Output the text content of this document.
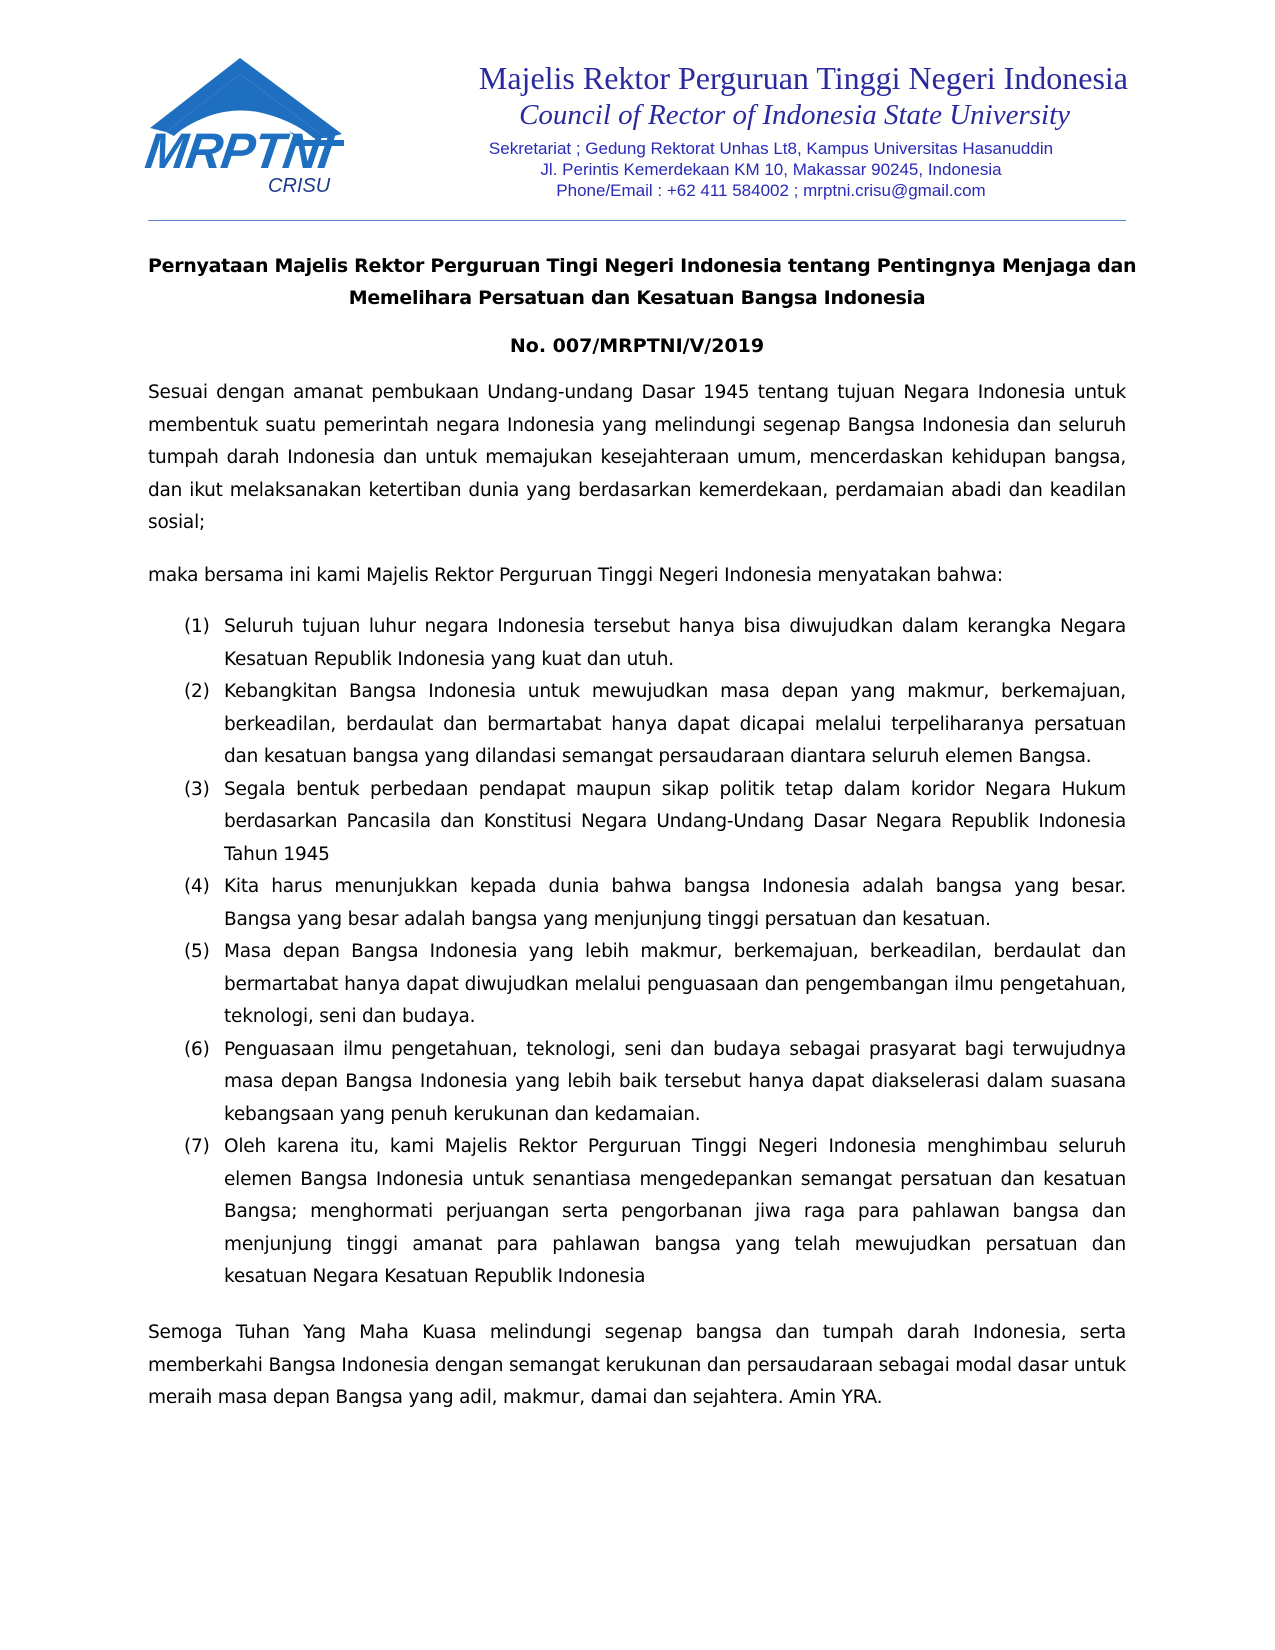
MRPTNI
CRISU
Majelis Rektor Perguruan Tinggi Negeri Indonesia
Council of Rector of Indonesia State University
Sekretariat ; Gedung Rektorat Unhas Lt8, Kampus Universitas Hasanuddin
Jl. Perintis Kemerdekaan KM 10, Makassar 90245, Indonesia
Phone/Email : +62 411 584002 ; mrptni.crisu@gmail.com
Pernyataan Majelis Rektor Perguruan Tingi Negeri Indonesia tentang Pentingnya Menjaga dan
Memelihara Persatuan dan Kesatuan Bangsa Indonesia
No. 007/MRPTNI/V/2019
Sesuai dengan amanat pembukaan Undang-undang Dasar 1945 tentang tujuan Negara Indonesia untuk membentuk suatu pemerintah negara Indonesia yang melindungi segenap Bangsa Indonesia dan seluruh tumpah darah Indonesia dan untuk memajukan kesejahteraan umum, mencerdaskan kehidupan bangsa, dan ikut melaksanakan ketertiban dunia yang berdasarkan kemerdekaan, perdamaian abadi dan keadilan sosial;
maka bersama ini kami Majelis Rektor Perguruan Tinggi Negeri Indonesia menyatakan bahwa:
(1) Seluruh tujuan luhur negara Indonesia tersebut hanya bisa diwujudkan dalam kerangka Negara Kesatuan Republik Indonesia yang kuat dan utuh.
(2) Kebangkitan Bangsa Indonesia untuk mewujudkan masa depan yang makmur, berkemajuan, berkeadilan, berdaulat dan bermartabat hanya dapat dicapai melalui terpeliharanya persatuan dan kesatuan bangsa yang dilandasi semangat persaudaraan diantara seluruh elemen Bangsa.
(3) Segala bentuk perbedaan pendapat maupun sikap politik tetap dalam koridor Negara Hukum berdasarkan Pancasila dan Konstitusi Negara Undang-Undang Dasar Negara Republik Indonesia Tahun 1945
(4) Kita harus menunjukkan kepada dunia bahwa bangsa Indonesia adalah bangsa yang besar. Bangsa yang besar adalah bangsa yang menjunjung tinggi persatuan dan kesatuan.
(5) Masa depan Bangsa Indonesia yang lebih makmur, berkemajuan, berkeadilan, berdaulat dan bermartabat hanya dapat diwujudkan melalui penguasaan dan pengembangan ilmu pengetahuan, teknologi, seni dan budaya.
(6) Penguasaan ilmu pengetahuan, teknologi, seni dan budaya sebagai prasyarat bagi terwujudnya masa depan Bangsa Indonesia yang lebih baik tersebut hanya dapat diakselerasi dalam suasana kebangsaan yang penuh kerukunan dan kedamaian.
(7) Oleh karena itu, kami Majelis Rektor Perguruan Tinggi Negeri Indonesia menghimbau seluruh elemen Bangsa Indonesia untuk senantiasa mengedepankan semangat persatuan dan kesatuan Bangsa; menghormati perjuangan serta pengorbanan jiwa raga para pahlawan bangsa dan menjunjung tinggi amanat para pahlawan bangsa yang telah mewujudkan persatuan dan kesatuan Negara Kesatuan Republik Indonesia
Semoga Tuhan Yang Maha Kuasa melindungi segenap bangsa dan tumpah darah Indonesia, serta memberkahi Bangsa Indonesia dengan semangat kerukunan dan persaudaraan sebagai modal dasar untuk meraih masa depan Bangsa yang adil, makmur, damai dan sejahtera. Amin YRA.
